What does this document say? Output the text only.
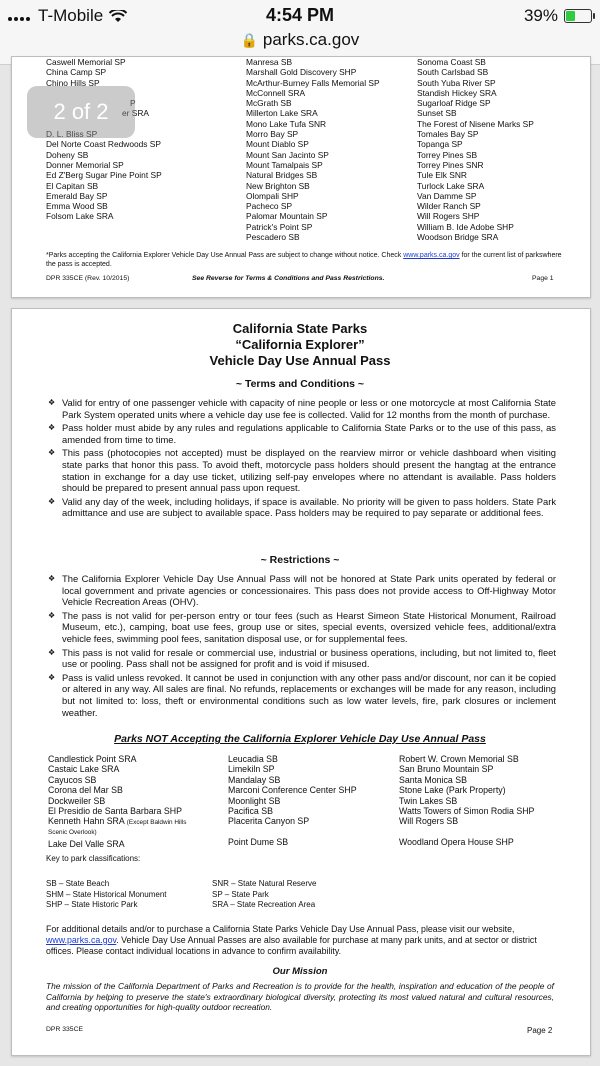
T-Mobile	4:54 PM	39%
🔒 parks.ca.gov
Caswell Memorial SP
China Camp SP
Chino Hills SP

D. L. Bliss SP
Del Norte Coast Redwoods SP
Doheny SB
Donner Memorial SP
Ed Z'Berg Sugar Pine Point SP
El Capitan SB
Emerald Bay SP
Emma Wood SB
Folsom Lake SRA
P
er SRA
Manresa SB
Marshall Gold Discovery SHP
McArthur-Burney Falls Memorial SP
McConnell SRA
McGrath SB
Millerton Lake SRA
Mono Lake Tufa SNR
Morro Bay SP
Mount Diablo SP
Mount San Jacinto SP
Mount Tamalpais SP
Natural Bridges SB
New Brighton SB
Olompali SHP
Pacheco SP
Palomar Mountain SP
Patrick's Point SP
Pescadero SB
Sonoma Coast SB
South Carlsbad SB
South Yuba River SP
Standish Hickey SRA
Sugarloaf Ridge SP
Sunset SB
The Forest of Nisene Marks SP
Tomales Bay SP
Topanga SP
Torrey Pines SB
Torrey Pines SNR
Tule Elk SNR
Turlock Lake SRA
Van Damme SP
Wilder Ranch SP
Will Rogers SHP
William B. Ide Adobe SHP
Woodson Bridge SRA
*Parks accepting the California Explorer Vehicle Day Use Annual Pass are subject to change without notice. Check www.parks.ca.gov for the current list of parkswhere the pass is accepted.
DPR 335CE (Rev. 10/2015)	See Reverse for Terms & Conditions and Pass Restrictions.	Page 1
2 of 2
California State Parks
“California Explorer”
Vehicle Day Use Annual Pass
~ Terms and Conditions ~
❖ Valid for entry of one passenger vehicle with capacity of nine people or less or one motorcycle at most California State Park System operated units where a vehicle day use fee is collected. Valid for 12 months from the month of purchase.
❖ Pass holder must abide by any rules and regulations applicable to California State Parks or to the use of this pass, as amended from time to time.
❖ This pass (photocopies not accepted) must be displayed on the rearview mirror or vehicle dashboard when visiting state parks that honor this pass. To avoid theft, motorcycle pass holders should present the hangtag at the entrance station in exchange for a day use ticket, utilizing self-pay envelopes where no attendant is available. Pass holders should be prepared to present annual pass upon request.
❖ Valid any day of the week, including holidays, if space is available. No priority will be given to pass holders. State Park admittance and use are subject to available space. Pass holders may be required to pay separate or additional fees.
~ Restrictions ~
❖ The California Explorer Vehicle Day Use Annual Pass will not be honored at State Park units operated by federal or local government and private agencies or concessionaires. This pass does not provide access to Off-Highway Motor Vehicle Recreation Areas (OHV).
❖ The pass is not valid for per-person entry or tour fees (such as Hearst Simeon State Historical Monument, Railroad Museum, etc.), camping, boat use fees, group use or sites, special events, oversized vehicle fees, additional/extra vehicle fees, swimming pool fees, sanitation disposal use, or for supplemental fees.
❖ This pass is not valid for resale or commercial use, industrial or business operations, including, but not limited to, fleet use or pooling. Pass shall not be assigned for profit and is void if misused.
❖ Pass is valid unless revoked. It cannot be used in conjunction with any other pass and/or discount, nor can it be copied or altered in any way. All sales are final. No refunds, replacements or exchanges will be made for any reason, including but not limited to: loss, theft or environmental conditions such as low water levels, fire, park closures or inclement weather.
Parks NOT Accepting the California Explorer Vehicle Day Use Annual Pass
Candlestick Point SRA
Castaic Lake SRA
Cayucos SB
Corona del Mar SB
Dockweiler SB
El Presidio de Santa Barbara SHP
Kenneth Hahn SRA (Except Baldwin Hills
Scenic Overlook)
Lake Del Valle SRA
Leucadia SB
Limekiln SP
Mandalay SB
Marconi Conference Center SHP
Moonlight SB
Pacifica SB
Placerita Canyon SP
Point Dume SB
Robert W. Crown Memorial SB
San Bruno Mountain SP
Santa Monica SB
Stone Lake (Park Property)
Twin Lakes SB
Watts Towers of Simon Rodia SHP
Will Rogers SB
Woodland Opera House SHP
Key to park classifications:
SB – State Beach
SHM – State Historical Monument
SHP – State Historic Park
SNR – State Natural Reserve
SP – State Park
SRA – State Recreation Area
For additional details and/or to purchase a California State Parks Vehicle Day Use Annual Pass, please visit our website, www.parks.ca.gov. Vehicle Day Use Annual Passes are also available for purchase at many park units, and at sector or district offices. Please contact individual locations in advance to confirm availability.
Our Mission
The mission of the California Department of Parks and Recreation is to provide for the health, inspiration and education of the people of California by helping to preserve the state's extraordinary biological diversity, protecting its most valued natural and cultural resources, and creating opportunities for high-quality outdoor recreation.
DPR 335CE	Page 2
